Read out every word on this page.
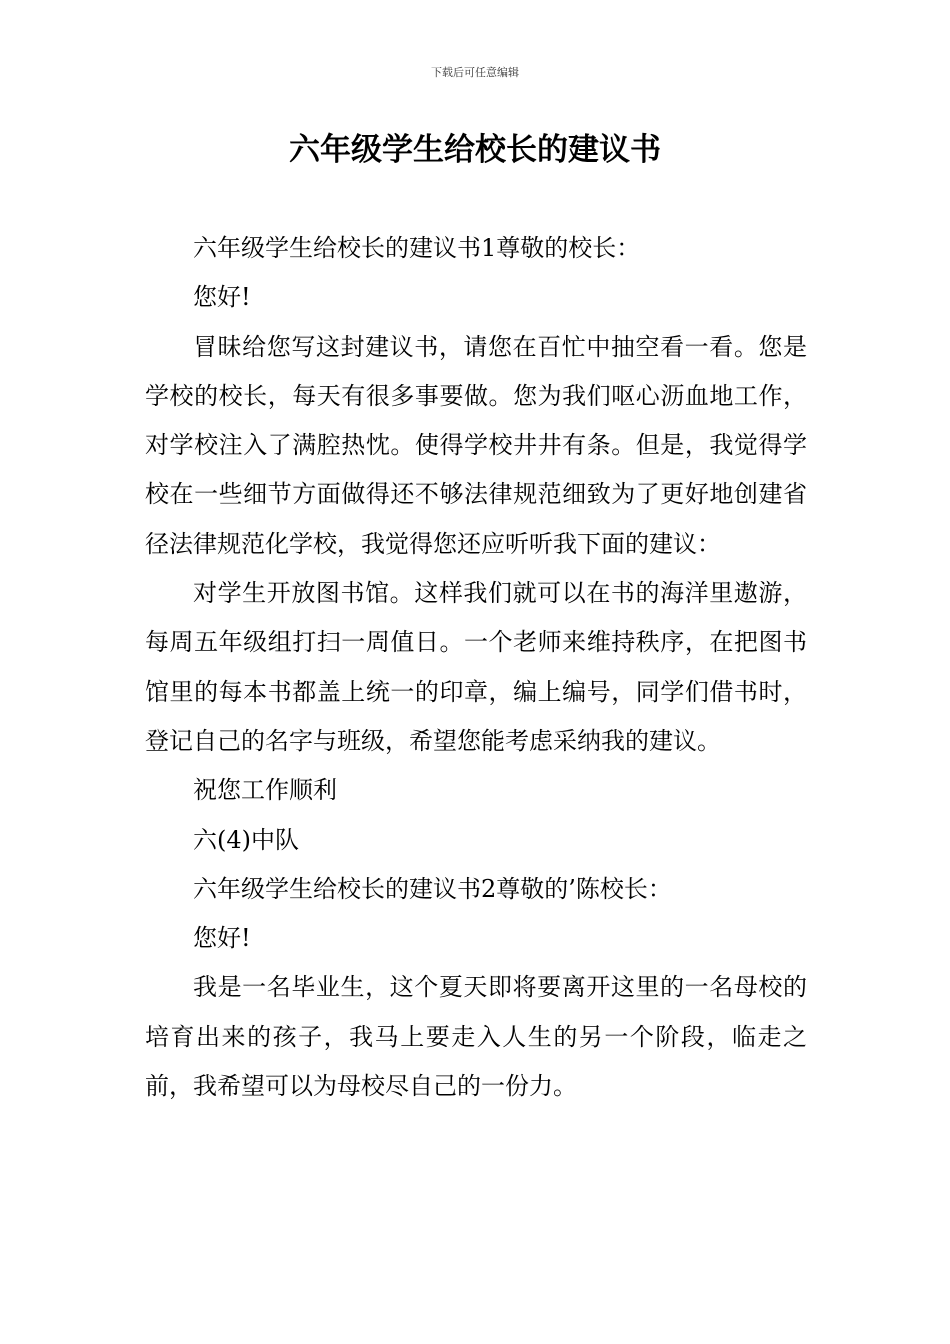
下载后可任意编辑
六年级学生给校长的建议书

六年级学生给校长的建议书1尊敬的校长：

您好!

冒昧给您写这封建议书，请您在百忙中抽空看一看。您是学校的校长，每天有很多事要做。您为我们呕心沥血地工作，对学校注入了满腔热忱。使得学校井井有条。但是，我觉得学校在一些细节方面做得还不够法律规范细致为了更好地创建省径法律规范化学校，我觉得您还应听听我下面的建议：

对学生开放图书馆。这样我们就可以在书的海洋里遨游，每周五年级组打扫一周值日。一个老师来维持秩序，在把图书馆里的每本书都盖上统一的印章，编上编号，同学们借书时，登记自己的名字与班级，希望您能考虑采纳我的建议。

祝您工作顺利

六(4)中队

六年级学生给校长的建议书2尊敬的’陈校长：

您好!

我是一名毕业生，这个夏天即将要离开这里的一名母校的培育出来的孩子，我马上要走入人生的另一个阶段，临走之前，我希望可以为母校尽自己的一份力。
